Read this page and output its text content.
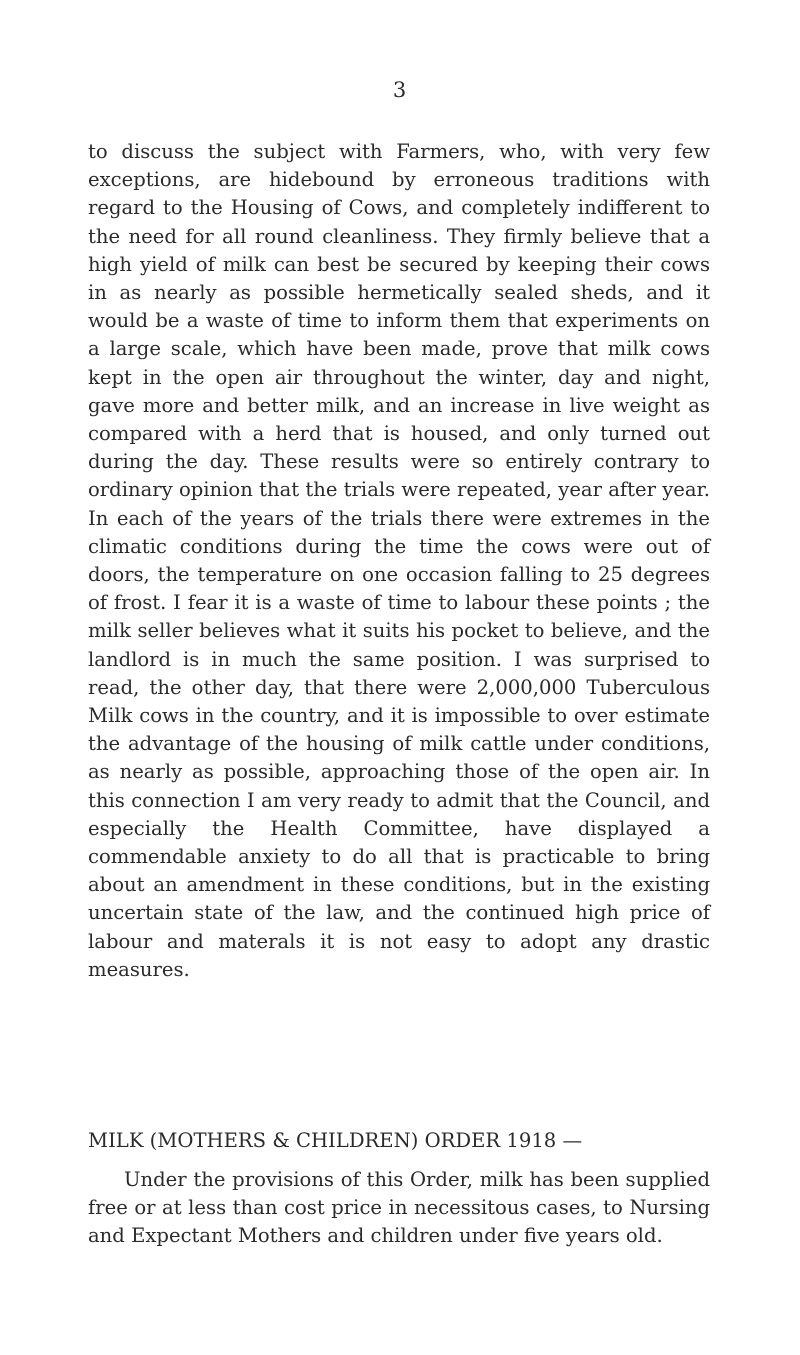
3

to discuss the subject with Farmers, who, with very few exceptions, are hidebound by erroneous traditions with regard to the Housing of Cows, and completely indifferent to the need for all round cleanliness. They firmly believe that a high yield of milk can best be secured by keeping their cows in as nearly as possible hermetically sealed sheds, and it would be a waste of time to inform them that experiments on a large scale, which have been made, prove that milk cows kept in the open air throughout the winter, day and night, gave more and better milk, and an increase in live weight as compared with a herd that is housed, and only turned out during the day. These results were so entirely contrary to ordinary opinion that the trials were repeated, year after year. In each of the years of the trials there were extremes in the climatic conditions during the time the cows were out of doors, the temperature on one occasion falling to 25 degrees of frost. I fear it is a waste of time to labour these points ; the milk seller believes what it suits his pocket to believe, and the landlord is in much the same position. I was surprised to read, the other day, that there were 2,000,000 Tuberculous Milk cows in the country, and it is impossible to over estimate the advantage of the housing of milk cattle under conditions, as nearly as possible, approaching those of the open air. In this connection I am very ready to admit that the Council, and especially the Health Committee, have displayed a commendable anxiety to do all that is practicable to bring about an amendment in these conditions, but in the existing uncertain state of the law, and the continued high price of labour and materals it is not easy to adopt any drastic measures.

MILK (MOTHERS & CHILDREN) ORDER 1918 —

Under the provisions of this Order, milk has been supplied free or at less than cost price in necessitous cases, to Nursing and Expectant Mothers and children under five years old.
